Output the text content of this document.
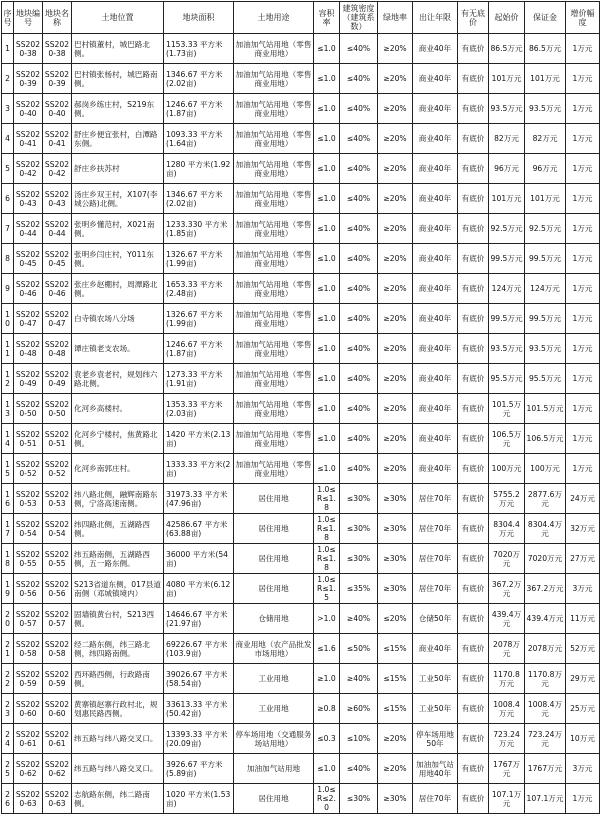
序号	地块编号	地块名称	土地位置	地块面积	土地用途	容积率	建筑密度（建筑系数）	绿地率	出让年限	有无底价	起始价	保证金	增价幅度
1	SS2020-38	SS2020-38	巴村镇董村，城巴路北侧。	1153.33 平方米(1.73亩)	加油加气站用地（零售商业用地）	≤1.0	≤40%	≥20%	商业40年	有底价	86.5万元	86.5万元	1万元
2	SS2020-39	SS2020-39	巴村镇张杨村，城巴路南侧。	1346.67 平方米(2.02亩)	加油加气站用地（零售商业用地）	≤1.0	≤40%	≥20%	商业40年	有底价	101万元	101万元	1万元
3	SS2020-40	SS2020-40	郝岗乡练庄村，S219东侧。	1246.67 平方米(1.87亩)	加油加气站用地（零售商业用地）	≤1.0	≤40%	≥20%	商业40年	有底价	93.5万元	93.5万元	1万元
4	SS2020-41	SS2020-41	舒庄乡便宜张村，白潭路东侧。	1093.33 平方米(1.64亩)	加油加气站用地（零售商业用地）	≤1.0	≤40%	≥20%	商业40年	有底价	82万元	82万元	1万元
5	SS2020-42	SS2020-42	舒庄乡扶苏村	1280 平方米(1.92亩)	加油加气站用地（零售商业用地）	≤1.0	≤40%	≥20%	商业40年	有底价	96万元	96万元	1万元
6	SS2020-43	SS2020-43	汤庄乡双王村，X107(李城公路)北侧。	1346.67 平方米(2.02亩)	加油加气站用地（零售商业用地）	≤1.0	≤40%	≥20%	商业40年	有底价	101万元	101万元	1万元
7	SS2020-44	SS2020-44	张明乡懂范村，X021南侧。	1233.330 平方米(1.85亩)	加油加气站用地（零售商业用地）	≤1.0	≤40%	≥20%	商业40年	有底价	92.5万元	92.5万元	1万元
8	SS2020-45	SS2020-45	张明乡闫庄村，Y011东侧。	1326.67 平方米(1.99亩)	加油加气站用地（零售商业用地）	≤1.0	≤40%	≥20%	商业40年	有底价	99.5万元	99.5万元	1万元
9	SS2020-46	SS2020-46	张庄乡赵棚村，周潭路北侧。	1653.33 平方米(2.48亩)	加油加气站用地（零售商业用地）	≤1.0	≤40%	≥20%	商业40年	有底价	124万元	124万元	1万元
10	SS2020-47	SS2020-47	白寺镇农场八分场	1326.67 平方米(1.99亩)	加油加气站用地（零售商业用地）	≤1.0	≤40%	≥20%	商业40年	有底价	99.5万元	99.5万元	1万元
11	SS2020-48	SS2020-48	谭庄镇老支农场。	1246.67 平方米(1.87亩)	加油加气站用地（零售商业用地）	≤1.0	≤40%	≥20%	商业40年	有底价	93.5万元	93.5万元	1万元
12	SS2020-49	SS2020-49	袁老乡袁老村，规划纬六路北侧。	1273.33 平方米(1.91亩)	加油加气站用地（零售商业用地）	≤1.0	≤40%	≥20%	商业40年	有底价	95.5万元	95.5万元	1万元
13	SS2020-50	SS2020-50	化河乡高楼村。	1353.33 平方米(2.03亩)	加油加气站用地（零售商业用地）	≤1.0	≤40%	≥20%	商业40年	有底价	101.5万元	101.5万元	1万元
14	SS2020-51	SS2020-51	化河乡宁楼村，焦黄路北侧。	1420 平方米(2.13亩)	加油加气站用地（零售商业用地）	≤1.0	≤40%	≥20%	商业40年	有底价	106.5万元	106.5万元	1万元
15	SS2020-52	SS2020-52	化河乡南郭庄村。	1333.33 平方米(2亩)	加油加气站用地（零售商业用地）	≤1.0	≤40%	≥20%	商业40年	有底价	100万元	100万元	1万元
16	SS2020-53	SS2020-53	纬八路北侧，融辉南路东侧，宁洛高速南侧。	31973.33 平方米(47.96亩)	居住用地	1.0≤R≤1.8	≤30%	≥30%	居住70年	有底价	5755.2万元	2877.6万元	24万元
17	SS2020-54	SS2020-54	纬四路北侧，五湖路西侧。	42586.67 平方米(63.88亩)	居住用地	1.0≤R≤1.8	≤30%	≥30%	居住70年	有底价	8304.4万元	8304.4万元	32万元
18	SS2020-55	SS2020-55	纬五路南侧，五湖路西侧，五一路东侧。	36000 平方米(54亩)	居住用地	1.0≤R≤1.8	≤30%	≥30%	居住70年	有底价	7020万元	7020万元	27万元
19	SS2020-56	SS2020-56	S213省道东侧，017县道南侧（邓城镇境内）	4080 平方米(6.12亩)	居住用地	1.0≤R≤1.5	≤35%	≥30%	居住70年	有底价	367.2万元	367.2万元	3万元
20	SS2020-57	SS2020-57	固墙镇黄台村，S213西侧。	14646.67 平方米(21.97亩)	仓储用地	>1.0	≥40%	≤20%	仓储50年	有底价	439.4万元	439.4万元	11万元
21	SS2020-58	SS2020-58	经二路东侧，纬三路北侧，纬四路南侧。	69226.67 平方米(103.9亩)	商业用地（农产品批发市场用地）	≤1.6	≤50%	≤15%	商业40年	有底价	2078万元	2078万元	52万元
22	SS2020-59	SS2020-59	西环路西侧，行政路南侧。	39026.67 平方米(58.54亩)	工业用地	≥1.0	≥40%	≤15%	工业50年	有底价	1170.8万元	1170.8万元	29万元
23	SS2020-60	SS2020-60	黄寨镇赵寨行政村北，规划惠民路西侧。	33613.33 平方米(50.42亩)	工业用地	≥0.8	≥60%	≤15%	工业50年	有底价	1008.4万元	1008.4万元	25万元
24	SS2020-61	SS2020-61	纬五路与纬八路交叉口。	13393.33 平方米(20.09亩)	停车场用地（交通服务场站用地）	≤0.3	≤10%	≥20%	停车场用地50年	有底价	723.24万元	723.24万元	10万元
25	SS2020-62	SS2020-62	纬五路与纬八路交叉口。	3926.67 平方米(5.89亩)	加油加气站用地	≤1.0	≤40%	≥20%	加油加气站用地40年	有底价	1767万元	1767万元	3万元
26	SS2020-63	SS2020-63	志航路东侧，纬二路南侧。	1020 平方米(1.53亩)	居住用地	1.0≤R≤2.0	≤30%	≥30%	居住70年	有底价	107.1万元	107.1万元	1万元
